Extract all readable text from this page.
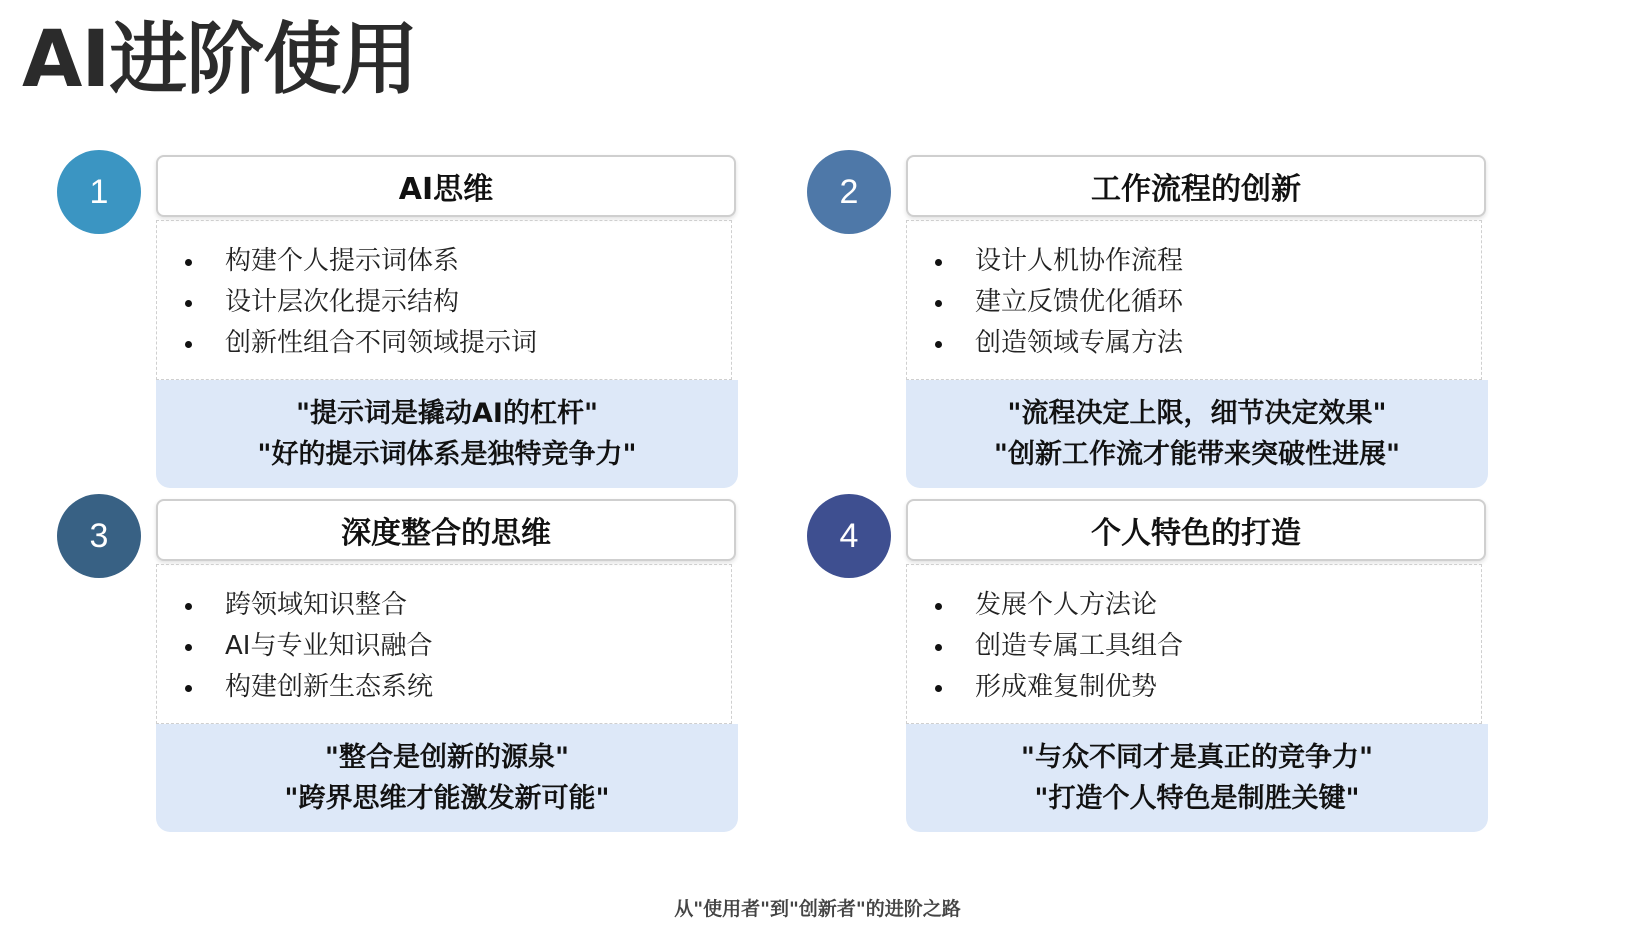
AI进阶使用
1	AI思维
构建个人提示词体系
设计层次化提示结构
创新性组合不同领域提示词
"提示词是撬动AI的杠杆"
"好的提示词体系是独特竞争力"
2	工作流程的创新
设计人机协作流程
建立反馈优化循环
创造领域专属方法
"流程决定上限，细节决定效果"
"创新工作流才能带来突破性进展"
3	深度整合的思维
跨领域知识整合
AI与专业知识融合
构建创新生态系统
"整合是创新的源泉"
"跨界思维才能激发新可能"
4	个人特色的打造
发展个人方法论
创造专属工具组合
形成难复制优势
"与众不同才是真正的竞争力"
"打造个人特色是制胜关键"
从"使用者"到"创新者"的进阶之路
